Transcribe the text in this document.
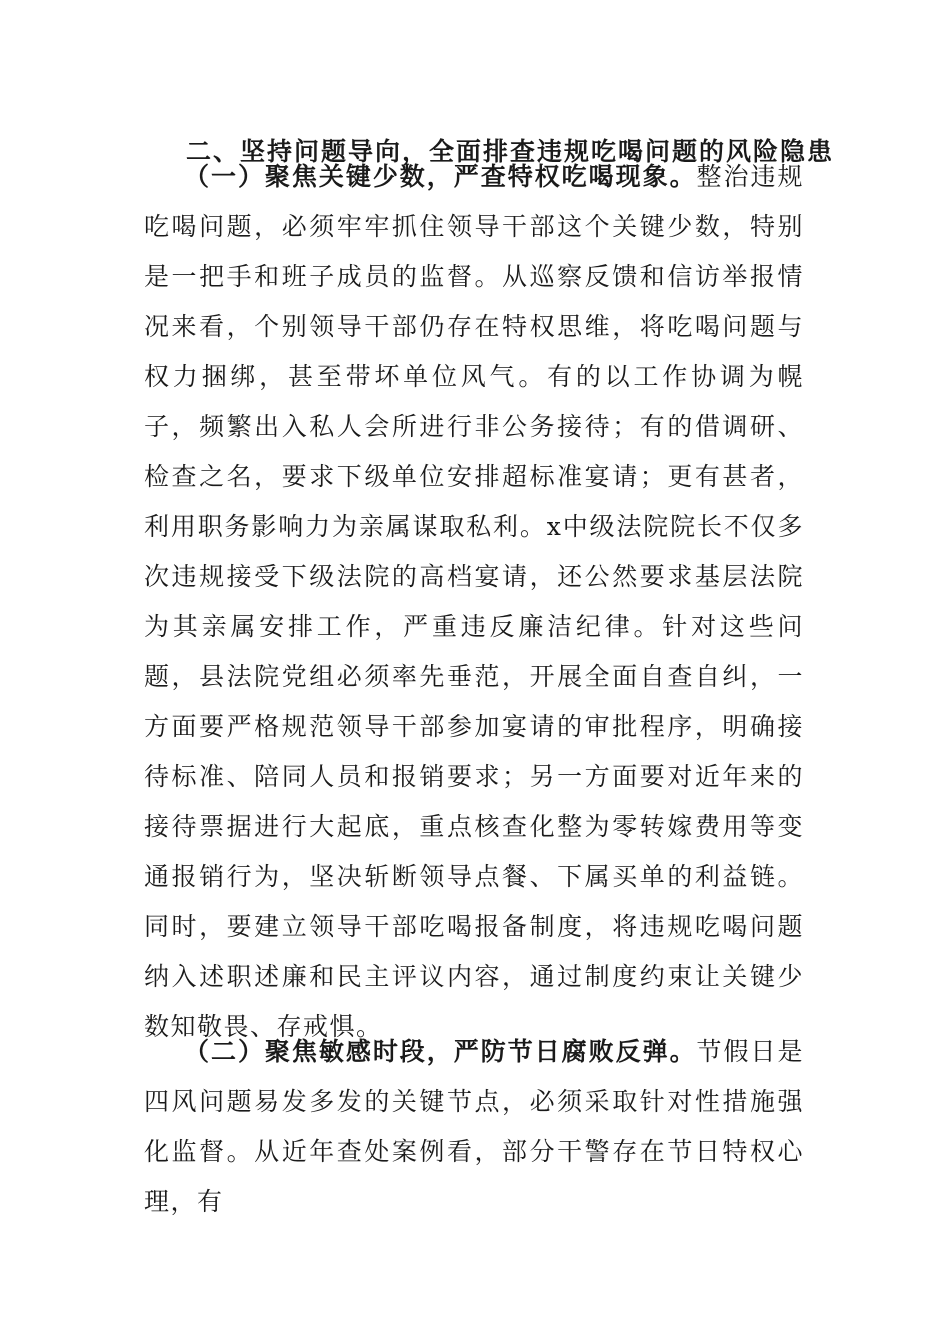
二、坚持问题导向，全面排查违规吃喝问题的风险隐患

（一）聚焦关键少数，严查特权吃喝现象。整治违规吃喝问题，必须牢牢抓住领导干部这个关键少数，特别是一把手和班子成员的监督。从巡察反馈和信访举报情况来看，个别领导干部仍存在特权思维，将吃喝问题与权力捆绑，甚至带坏单位风气。有的以工作协调为幌子，频繁出入私人会所进行非公务接待；有的借调研、检查之名，要求下级单位安排超标准宴请；更有甚者，利用职务影响力为亲属谋取私利。x中级法院院长不仅多次违规接受下级法院的高档宴请，还公然要求基层法院为其亲属安排工作，严重违反廉洁纪律。针对这些问题，县法院党组必须率先垂范，开展全面自查自纠，一方面要严格规范领导干部参加宴请的审批程序，明确接待标准、陪同人员和报销要求；另一方面要对近年来的接待票据进行大起底，重点核查化整为零转嫁费用等变通报销行为，坚决斩断领导点餐、下属买单的利益链。同时，要建立领导干部吃喝报备制度，将违规吃喝问题纳入述职述廉和民主评议内容，通过制度约束让关键少数知敬畏、存戒惧。

（二）聚焦敏感时段，严防节日腐败反弹。节假日是四风问题易发多发的关键节点，必须采取针对性措施强化监督。从近年查处案例看，部分干警存在节日特权心理，有
